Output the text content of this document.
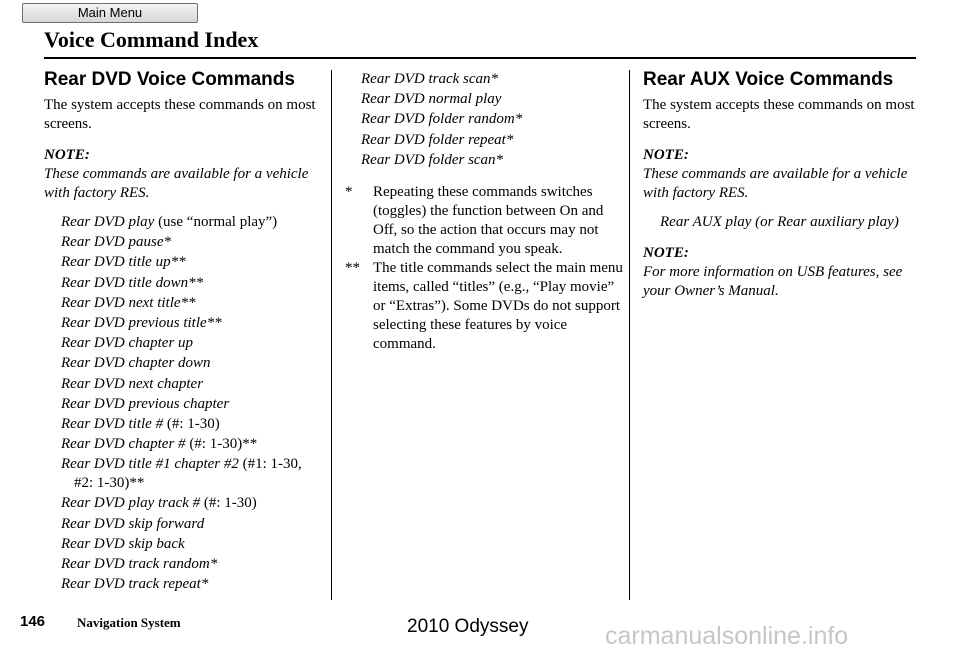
Main Menu
Voice Command Index
Rear DVD Voice Commands

The system accepts these commands on most screens.

NOTE:

These commands are available for a vehicle with factory RES.

Rear DVD play (use “normal play”)
Rear DVD pause*
Rear DVD title up**
Rear DVD title down**
Rear DVD next title**
Rear DVD previous title**
Rear DVD chapter up
Rear DVD chapter down
Rear DVD next chapter
Rear DVD previous chapter
Rear DVD title # (#: 1-30)
Rear DVD chapter # (#: 1-30)**
Rear DVD title #1 chapter #2 (#1: 1-30, #2: 1-30)**
Rear DVD play track # (#: 1-30)
Rear DVD skip forward
Rear DVD skip back
Rear DVD track random*
Rear DVD track repeat*
Rear DVD track scan*
Rear DVD normal play
Rear DVD folder random*
Rear DVD folder repeat*
Rear DVD folder scan*

* Repeating these commands switches (toggles) the function between On and Off, so the action that occurs may not match the command you speak.

** The title commands select the main menu items, called “titles” (e.g., “Play movie” or “Extras”). Some DVDs do not support selecting these features by voice command.

Rear AUX Voice Commands

The system accepts these commands on most screens.

NOTE:

These commands are available for a vehicle with factory RES.

Rear AUX play (or Rear auxiliary play)

NOTE:

For more information on USB features, see your Owner’s Manual.

146 Navigation System	2010 Odyssey	carmanualsonline.info
